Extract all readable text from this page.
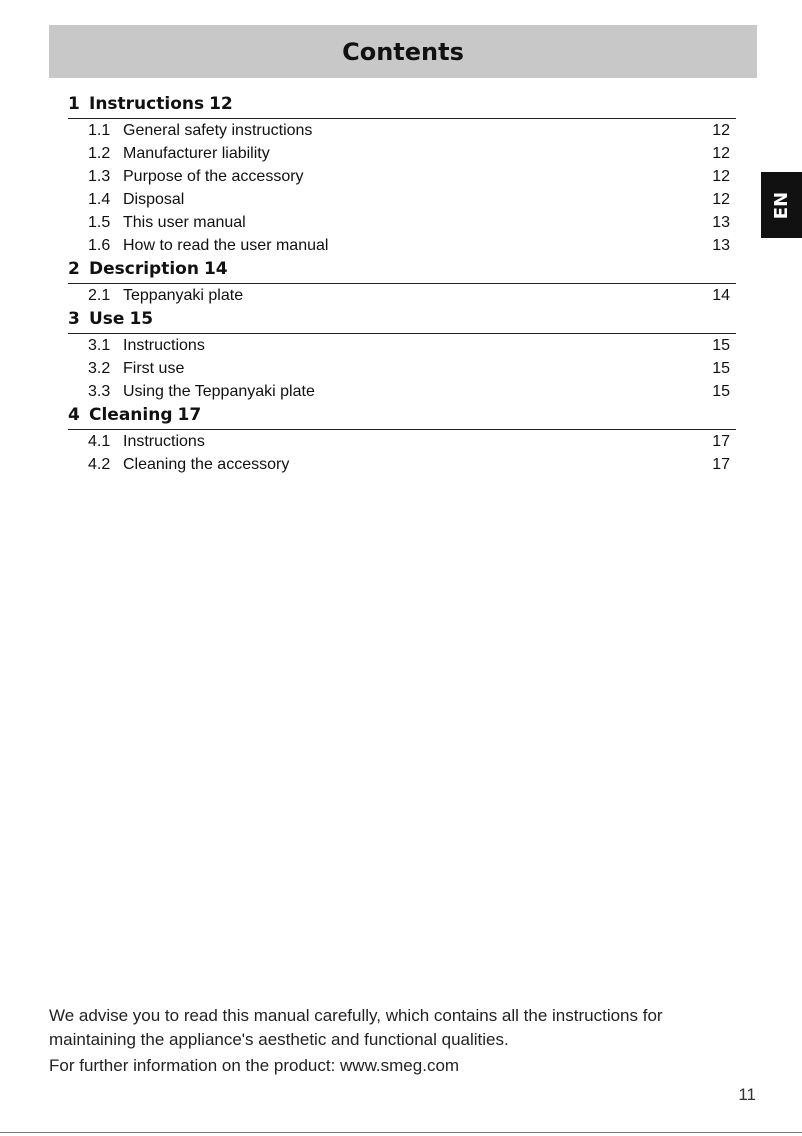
Contents
EN
1 Instructions 12
1.1 General safety instructions	12
1.2 Manufacturer liability	12
1.3 Purpose of the accessory	12
1.4 Disposal	12
1.5 This user manual	13
1.6 How to read the user manual	13
2 Description 14
2.1 Teppanyaki plate	14
3 Use 15
3.1 Instructions	15
3.2 First use	15
3.3 Using the Teppanyaki plate	15
4 Cleaning 17
4.1 Instructions	17
4.2 Cleaning the accessory	17

We advise you to read this manual carefully, which contains all the instructions for maintaining the appliance's aesthetic and functional qualities.

For further information on the product: www.smeg.com

11
